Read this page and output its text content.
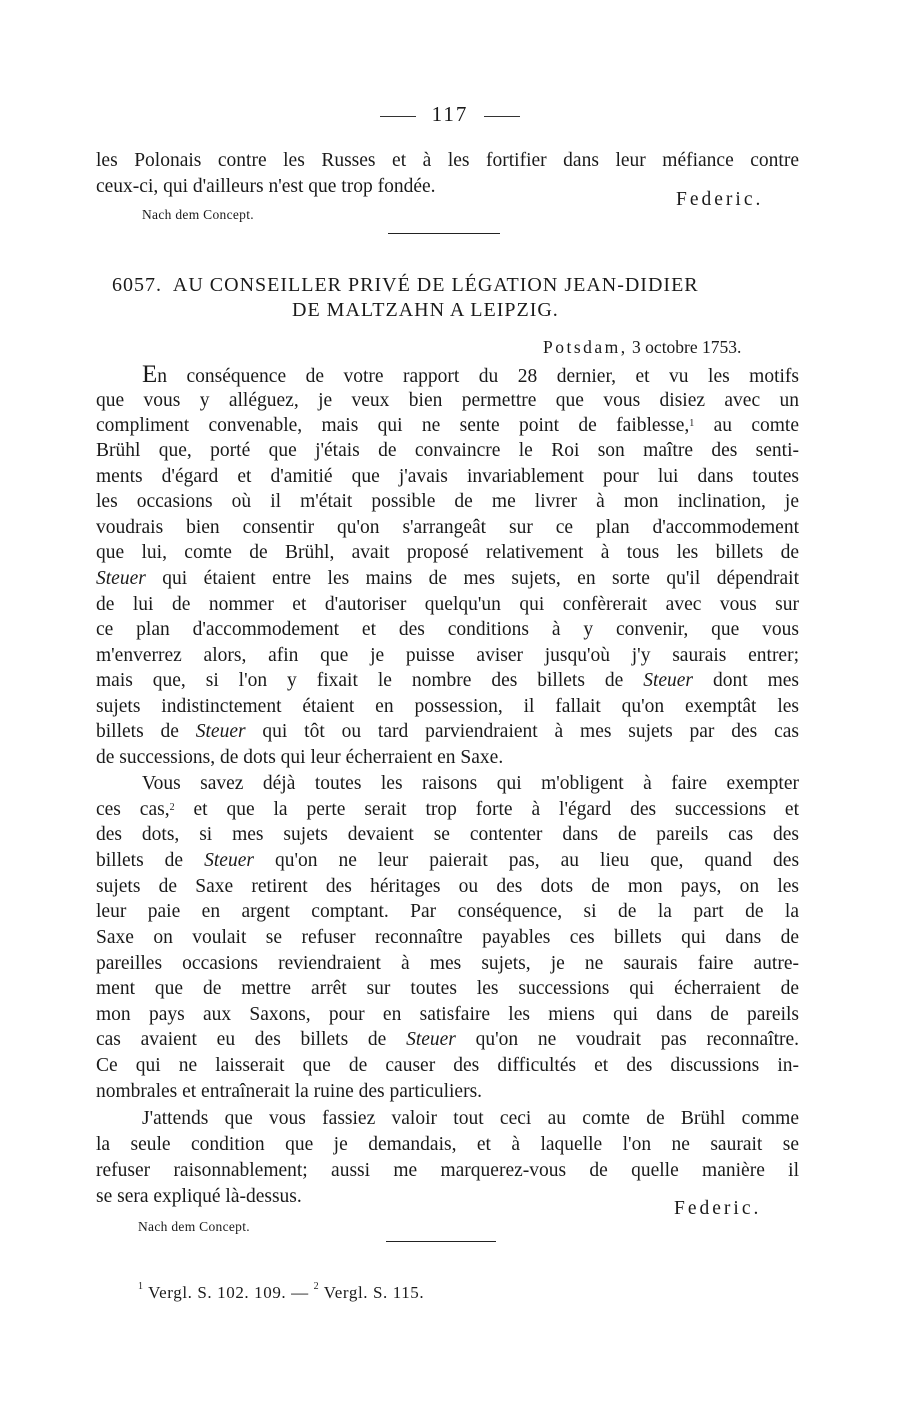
117
les Polonais contre les Russes et à les fortifier dans leur méfiance contre
ceux-ci, qui d'ailleurs n'est que trop fondée.
Federic.
Nach dem Concept.
6057. AU CONSEILLER PRIVÉ DE LÉGATION JEAN-DIDIER
DE MALTZAHN A LEIPZIG.
Potsdam, 3 octobre 1753.
En conséquence de votre rapport du 28 dernier, et vu les motifs
que vous y alléguez, je veux bien permettre que vous disiez avec un
compliment convenable, mais qui ne sente point de faiblesse,$^1$ au comte
Brühl que, porté que j'étais de convaincre le Roi son maître des senti-
ments d'égard et d'amitié que j'avais invariablement pour lui dans toutes
les occasions où il m'était possible de me livrer à mon inclination, je
voudrais bien consentir qu'on s'arrangeât sur ce plan d'accommodement
que lui, comte de Brühl, avait proposé relativement à tous les billets de
Steuer qui étaient entre les mains de mes sujets, en sorte qu'il dépendrait
de lui de nommer et d'autoriser quelqu'un qui confèrerait avec vous sur
ce plan d'accommodement et des conditions à y convenir, que vous
m'enverrez alors, afin que je puisse aviser jusqu'où j'y saurais entrer;
mais que, si l'on y fixait le nombre des billets de Steuer dont mes
sujets indistinctement étaient en possession, il fallait qu'on exemptât les
billets de Steuer qui tôt ou tard parviendraient à mes sujets par des cas
de successions, de dots qui leur écherraient en Saxe.
Vous savez déjà toutes les raisons qui m'obligent à faire exempter
ces cas,$^2$ et que la perte serait trop forte à l'égard des successions et
des dots, si mes sujets devaient se contenter dans de pareils cas des
billets de Steuer qu'on ne leur paierait pas, au lieu que, quand des
sujets de Saxe retirent des héritages ou des dots de mon pays, on les
leur paie en argent comptant. Par conséquence, si de la part de la
Saxe on voulait se refuser reconnaître payables ces billets qui dans de
pareilles occasions reviendraient à mes sujets, je ne saurais faire autre-
ment que de mettre arrêt sur toutes les successions qui écherraient de
mon pays aux Saxons, pour en satisfaire les miens qui dans de pareils
cas avaient eu des billets de Steuer qu'on ne voudrait pas reconnaître.
Ce qui ne laisserait que de causer des difficultés et des discussions in-
nombrales et entraînerait la ruine des particuliers.
J'attends que vous fassiez valoir tout ceci au comte de Brühl comme
la seule condition que je demandais, et à laquelle l'on ne saurait se
refuser raisonnablement; aussi me marquerez-vous de quelle manière il
se sera expliqué là-dessus.
Federic.
Nach dem Concept.
$^1$ Vergl. S. 102. 109. — $^2$ Vergl. S. 115.
